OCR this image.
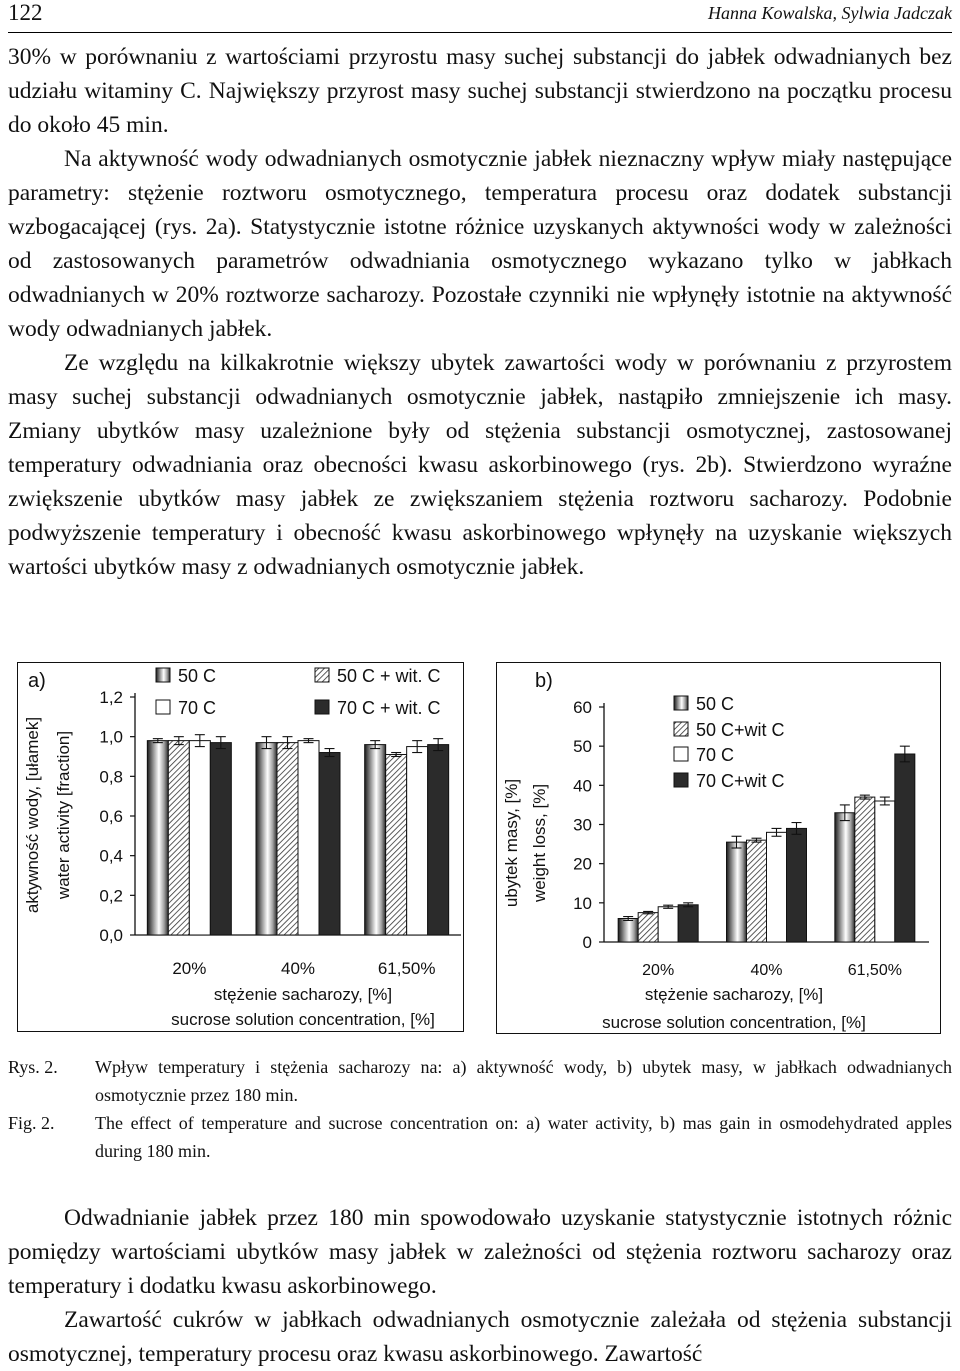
122	Hanna Kowalska, Sylwia Jadczak

30% w porównaniu z wartościami przyrostu masy suchej substancji do jabłek odwadnianych bez udziału witaminy C. Największy przyrost masy suchej substancji stwierdzono na początku procesu do około 45 min.

Na aktywność wody odwadnianych osmotycznie jabłek nieznaczny wpływ miały następujące parametry: stężenie roztworu osmotycznego, temperatura procesu oraz dodatek substancji wzbogacającej (rys. 2a). Statystycznie istotne różnice uzyskanych aktywności wody w zależności od zastosowanych parametrów odwadniania osmotycznego wykazano tylko w jabłkach odwadnianych w 20% roztworze sacharozy. Pozostałe czynniki nie wpłynęły istotnie na aktywność wody odwadnianych jabłek.

Ze względu na kilkakrotnie większy ubytek zawartości wody w porównaniu z przyrostem masy suchej substancji odwadnianych osmotycznie jabłek, nastąpiło zmniejszenie ich masy. Zmiany ubytków masy uzależnione były od stężenia substancji osmotycznej, zastosowanej temperatury odwadniania oraz obecności kwasu askorbinowego (rys. 2b). Stwierdzono wyraźne zwiększenie ubytków masy jabłek ze zwiększaniem stężenia roztworu sacharozy. Podobnie podwyższenie temperatury i obecność kwasu askorbinowego wpłynęły na uzyskanie większych wartości ubytków masy z odwadnianych osmotycznie jabłek.

a)
0,0
0,2
0,4
0,6
0,8
1,0
1,2
aktywność wody, [ułamek] water activity [fraction]
20%	40%	61,50%
stężenie sacharozy, [%]
sucrose solution concentration, [%]
50 C	50 C + wit. C
70 C	70 C + wit. C
b)
0
10
20
30
40
50
60
ubytek masy, [%] weight loss, [%]
20%	40%	61,50%
stężenie sacharozy, [%]
sucrose solution concentration, [%]
50 C
50 C+wit C
70 C
70 C+wit C
Rys. 2. Wpływ temperatury i stężenia sacharozy na: a) aktywność wody, b) ubytek masy, w jabłkach odwadnianych osmotycznie przez 180 min.
Fig. 2. The effect of temperature and sucrose concentration on: a) water activity, b) mas gain in osmodehydrated apples during 180 min.

Odwadnianie jabłek przez 180 min spowodowało uzyskanie statystycznie istotnych różnic pomiędzy wartościami ubytków masy jabłek w zależności od stężenia roztworu sacharozy oraz temperatury i dodatku kwasu askorbinowego.

Zawartość cukrów w jabłkach odwadnianych osmotycznie zależała od stężenia substancji osmotycznej, temperatury procesu oraz kwasu askorbinowego. Zawartość
